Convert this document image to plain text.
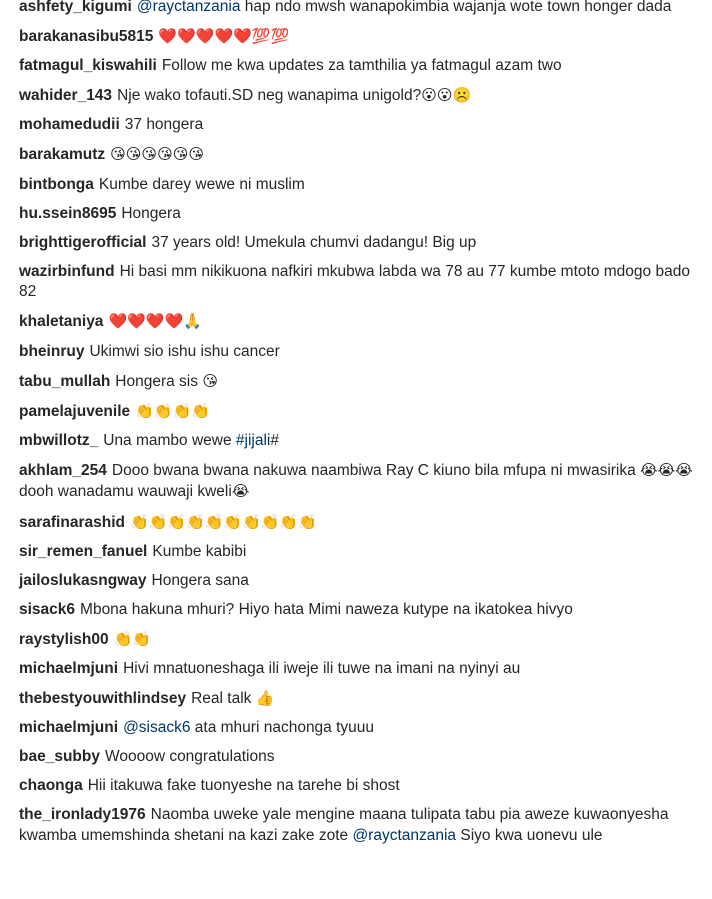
ashfety_kigumi @rayctanzania hap ndo mwsh wanapokimbia wajanja wote town honger dada
barakanasibu5815 ❤️❤️❤️❤️❤️💯💯
fatmagul_kiswahili Follow me kwa updates za tamthilia ya fatmagul azam two
wahider_143 Nje wako tofauti.SD neg wanapima unigold?😮😮☹️
mohamedudii 37 hongera
barakamutz 😘😘😘😘😘😘
bintbonga Kumbe darey wewe ni muslim
hu.ssein8695 Hongera
brighttigerofficial 37 years old! Umekula chumvi dadangu! Big up
wazirbinfund Hi basi mm nikikuona nafkiri mkubwa labda wa 78 au 77 kumbe mtoto mdogo bado 82
khaletaniya ❤️❤️❤️❤️🙏
bheinruy Ukimwi sio ishu ishu cancer
tabu_mullah Hongera sis 😘
pamelajuvenile 👏👏👏👏
mbwillotz_ Una mambo wewe #jijali#
akhlam_254 Dooo bwana bwana nakuwa naambiwa Ray C kiuno bila mfupa ni mwasirika 😭😭😭 dooh wanadamu wauwaji kweli😭
sarafinarashid 👏👏👏👏👏👏👏👏👏👏
sir_remen_fanuel Kumbe kabibi
jailoslukasngway Hongera sana
sisack6 Mbona hakuna mhuri? Hiyo hata Mimi naweza kutype na ikatokea hivyo
raystylish00 👏👏
michaelmjuni Hivi mnatuoneshaga ili iweje ili tuwe na imani na nyinyi au
thebestyouwithlindsey Real talk 👍
michaelmjuni @sisack6 ata mhuri nachonga tyuuu
bae_subby Woooow congratulations
chaonga Hii itakuwa fake tuonyeshe na tarehe bi shost
the_ironlady1976 Naomba uweke yale mengine maana tulipata tabu pia aweze kuwaonyesha kwamba umemshinda shetani na kazi zake zote @rayctanzania Siyo kwa uonevu ule
